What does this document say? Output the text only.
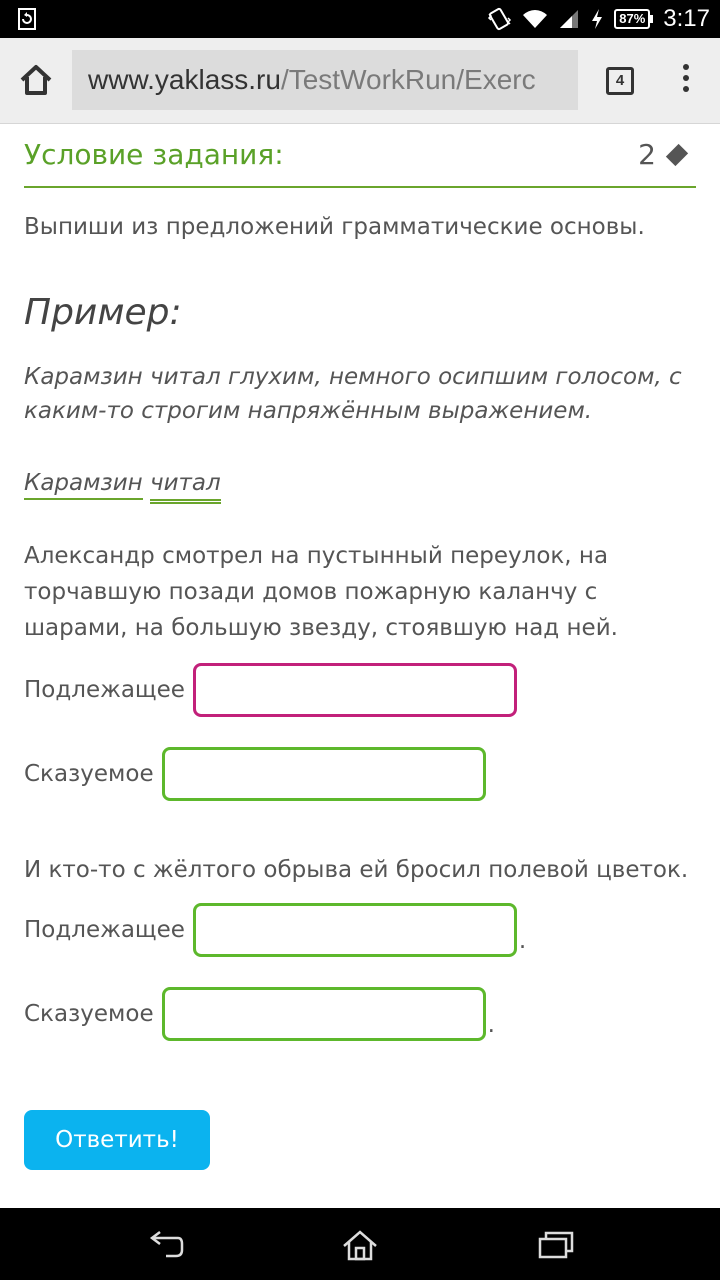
87% 3:17
www.yaklass.ru/TestWorkRun/Exerc	4
Условие задания:	2
Выпиши из предложений грамматические основы.
Пример:
Карамзин читал глухим, немного осипшим голосом, с каким-то строгим напряжённым выражением.
Карамзин читал
Александр смотрел на пустынный переулок, на торчавшую позади домов пожарную каланчу с шарами, на большую звезду, стоявшую над ней.
Подлежащее
Сказуемое
И кто-то с жёлтого обрыва ей бросил полевой цветок.
Подлежащее	.
Сказуемое	.
Ответить!
